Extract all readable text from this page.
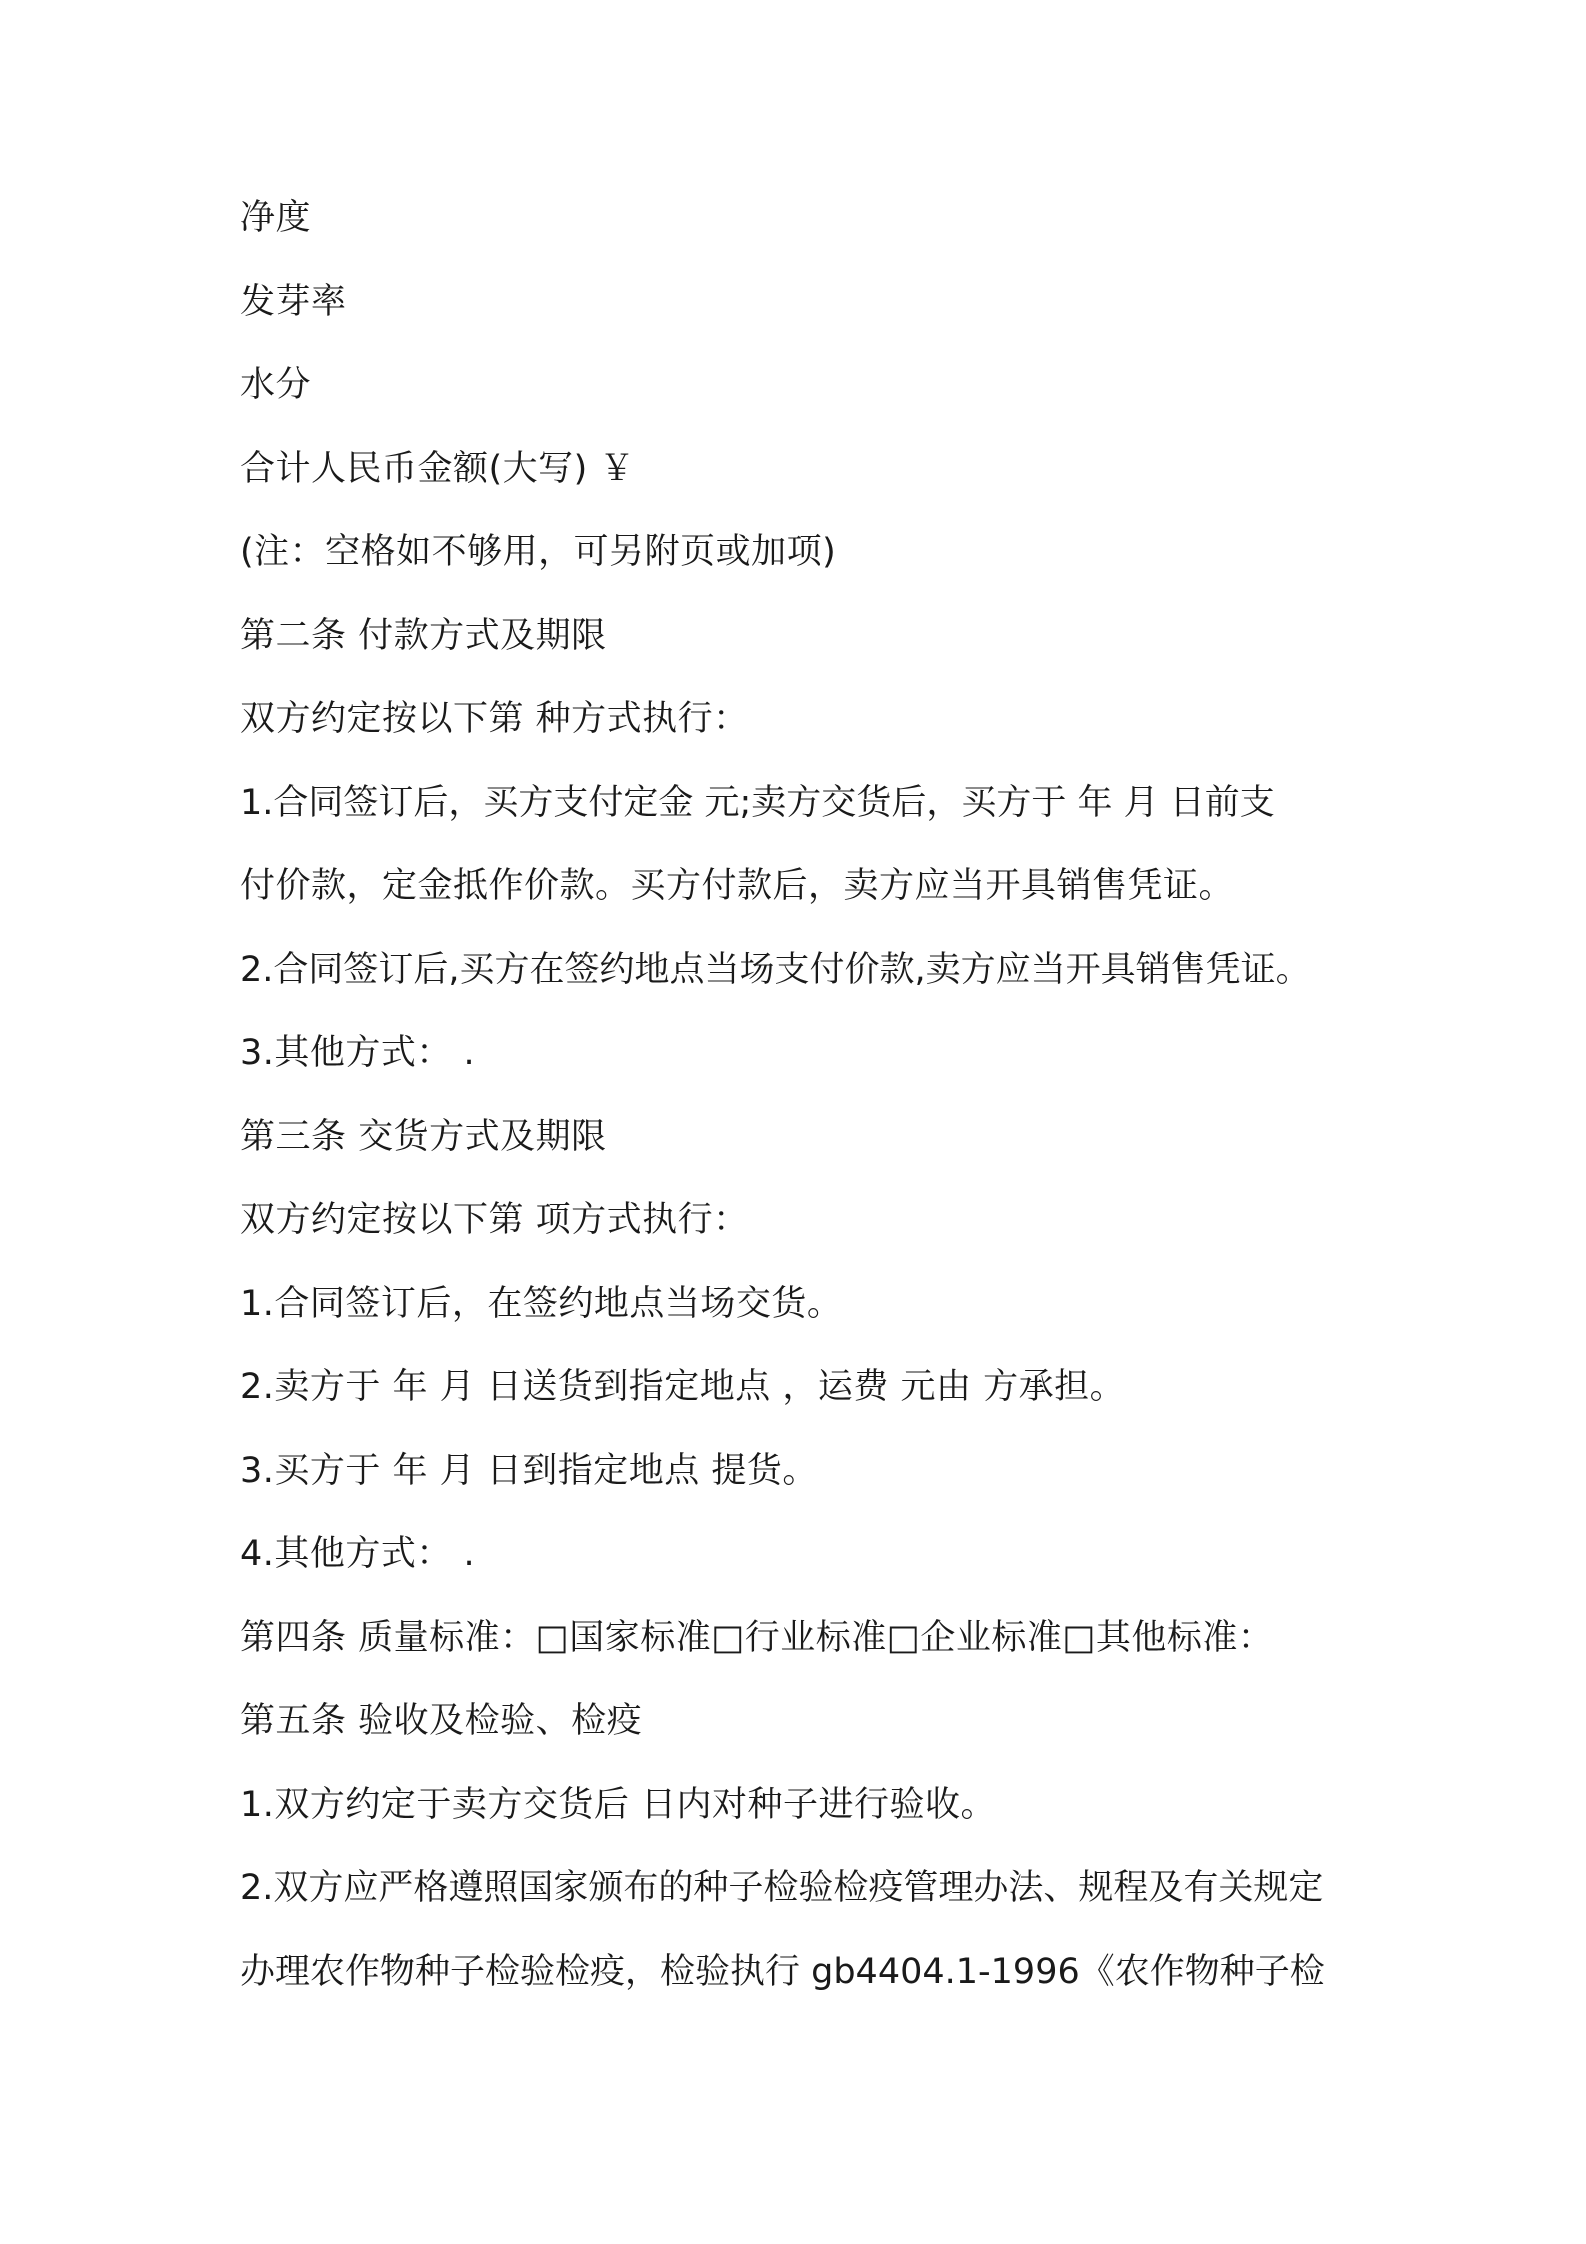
净度
发芽率
水分
合计人民币金额(大写) ￥
(注：空格如不够用，可另附页或加项)
第二条 付款方式及期限
双方约定按以下第 种方式执行：
1.合同签订后，买方支付定金 元;卖方交货后，买方于 年 月 日前支
付价款，定金抵作价款。买方付款后，卖方应当开具销售凭证。
2.合同签订后,买方在签约地点当场支付价款,卖方应当开具销售凭证。
3.其他方式： .
第三条 交货方式及期限
双方约定按以下第 项方式执行：
1.合同签订后，在签约地点当场交货。
2.卖方于 年 月 日送货到指定地点 ，运费 元由 方承担。
3.买方于 年 月 日到指定地点 提货。
4.其他方式： .
第四条 质量标准：□国家标准□行业标准□企业标准□其他标准：
第五条 验收及检验、检疫
1.双方约定于卖方交货后 日内对种子进行验收。
2.双方应严格遵照国家颁布的种子检验检疫管理办法、规程及有关规定
办理农作物种子检验检疫，检验执行 gb4404.1-1996《农作物种子检
